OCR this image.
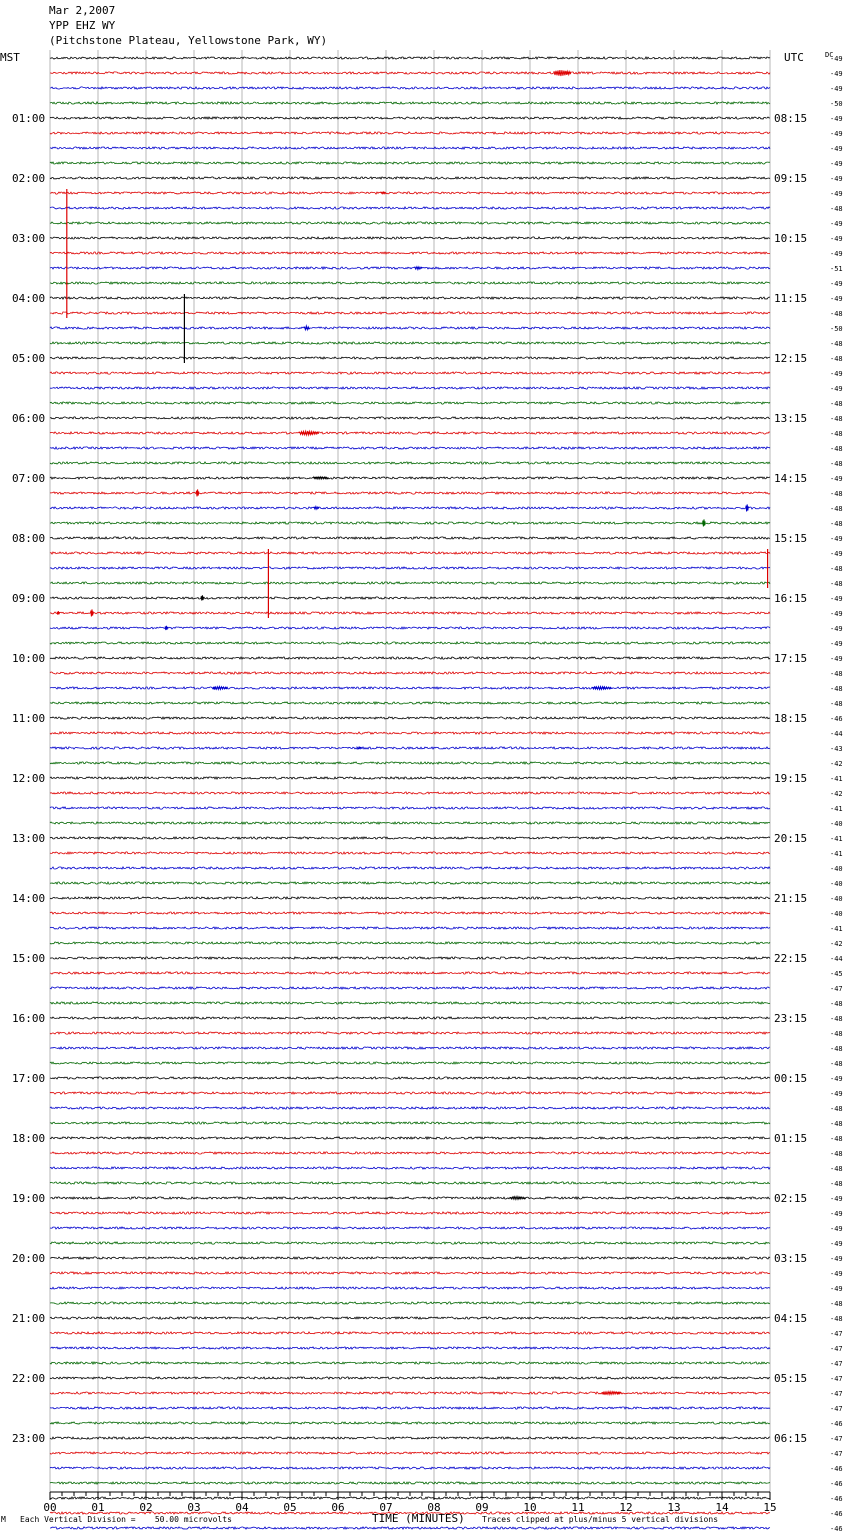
Mar 2,2007
YPP EHZ WY
(Pitchstone Plateau, Yellowstone Park, WY)
MST	UTC	DC
01:00
02:00
03:00
04:00
05:00
06:00
07:00
08:00
09:00
10:00
11:00
12:00
13:00
14:00
15:00
16:00
17:00
18:00
19:00
20:00
21:00
22:00
23:00
08:15
09:15
10:15
11:15
12:15
13:15
14:15
15:15
16:15
17:15
18:15
19:15
20:15
21:15
22:15
23:15
00:15
01:15
02:15
03:15
04:15
05:15
06:15
-49
-49
-49
-50
-49
-49
-49
-49
-49
-49
-48
-49
-49
-49
-51
-49
-49
-48
-50
-48
-48
-49
-49
-48
-48
-48
-48
-48
-49
-48
-48
-48
-49
-49
-48
-48
-49
-49
-49
-49
-49
-48
-48
-48
-46
-44
-43
-42
-41
-42
-41
-40
-41
-41
-40
-40
-40
-40
-41
-42
-44
-45
-47
-48
-48
-48
-48
-48
-49
-49
-48
-48
-48
-48
-48
-48
-49
-49
-49
-49
-49
-49
-49
-48
-48
-47
-47
-47
-47
-47
-47
-46
-47
-47
-46
-46
-46
-46
-46
00	01	02	03	04	05	06	07	08	09	10	11	12	13	14	15
TIME (MINUTES)
M Each Vertical Division =    50.00 microvolts	Traces clipped at plus/minus 5 vertical divisions
